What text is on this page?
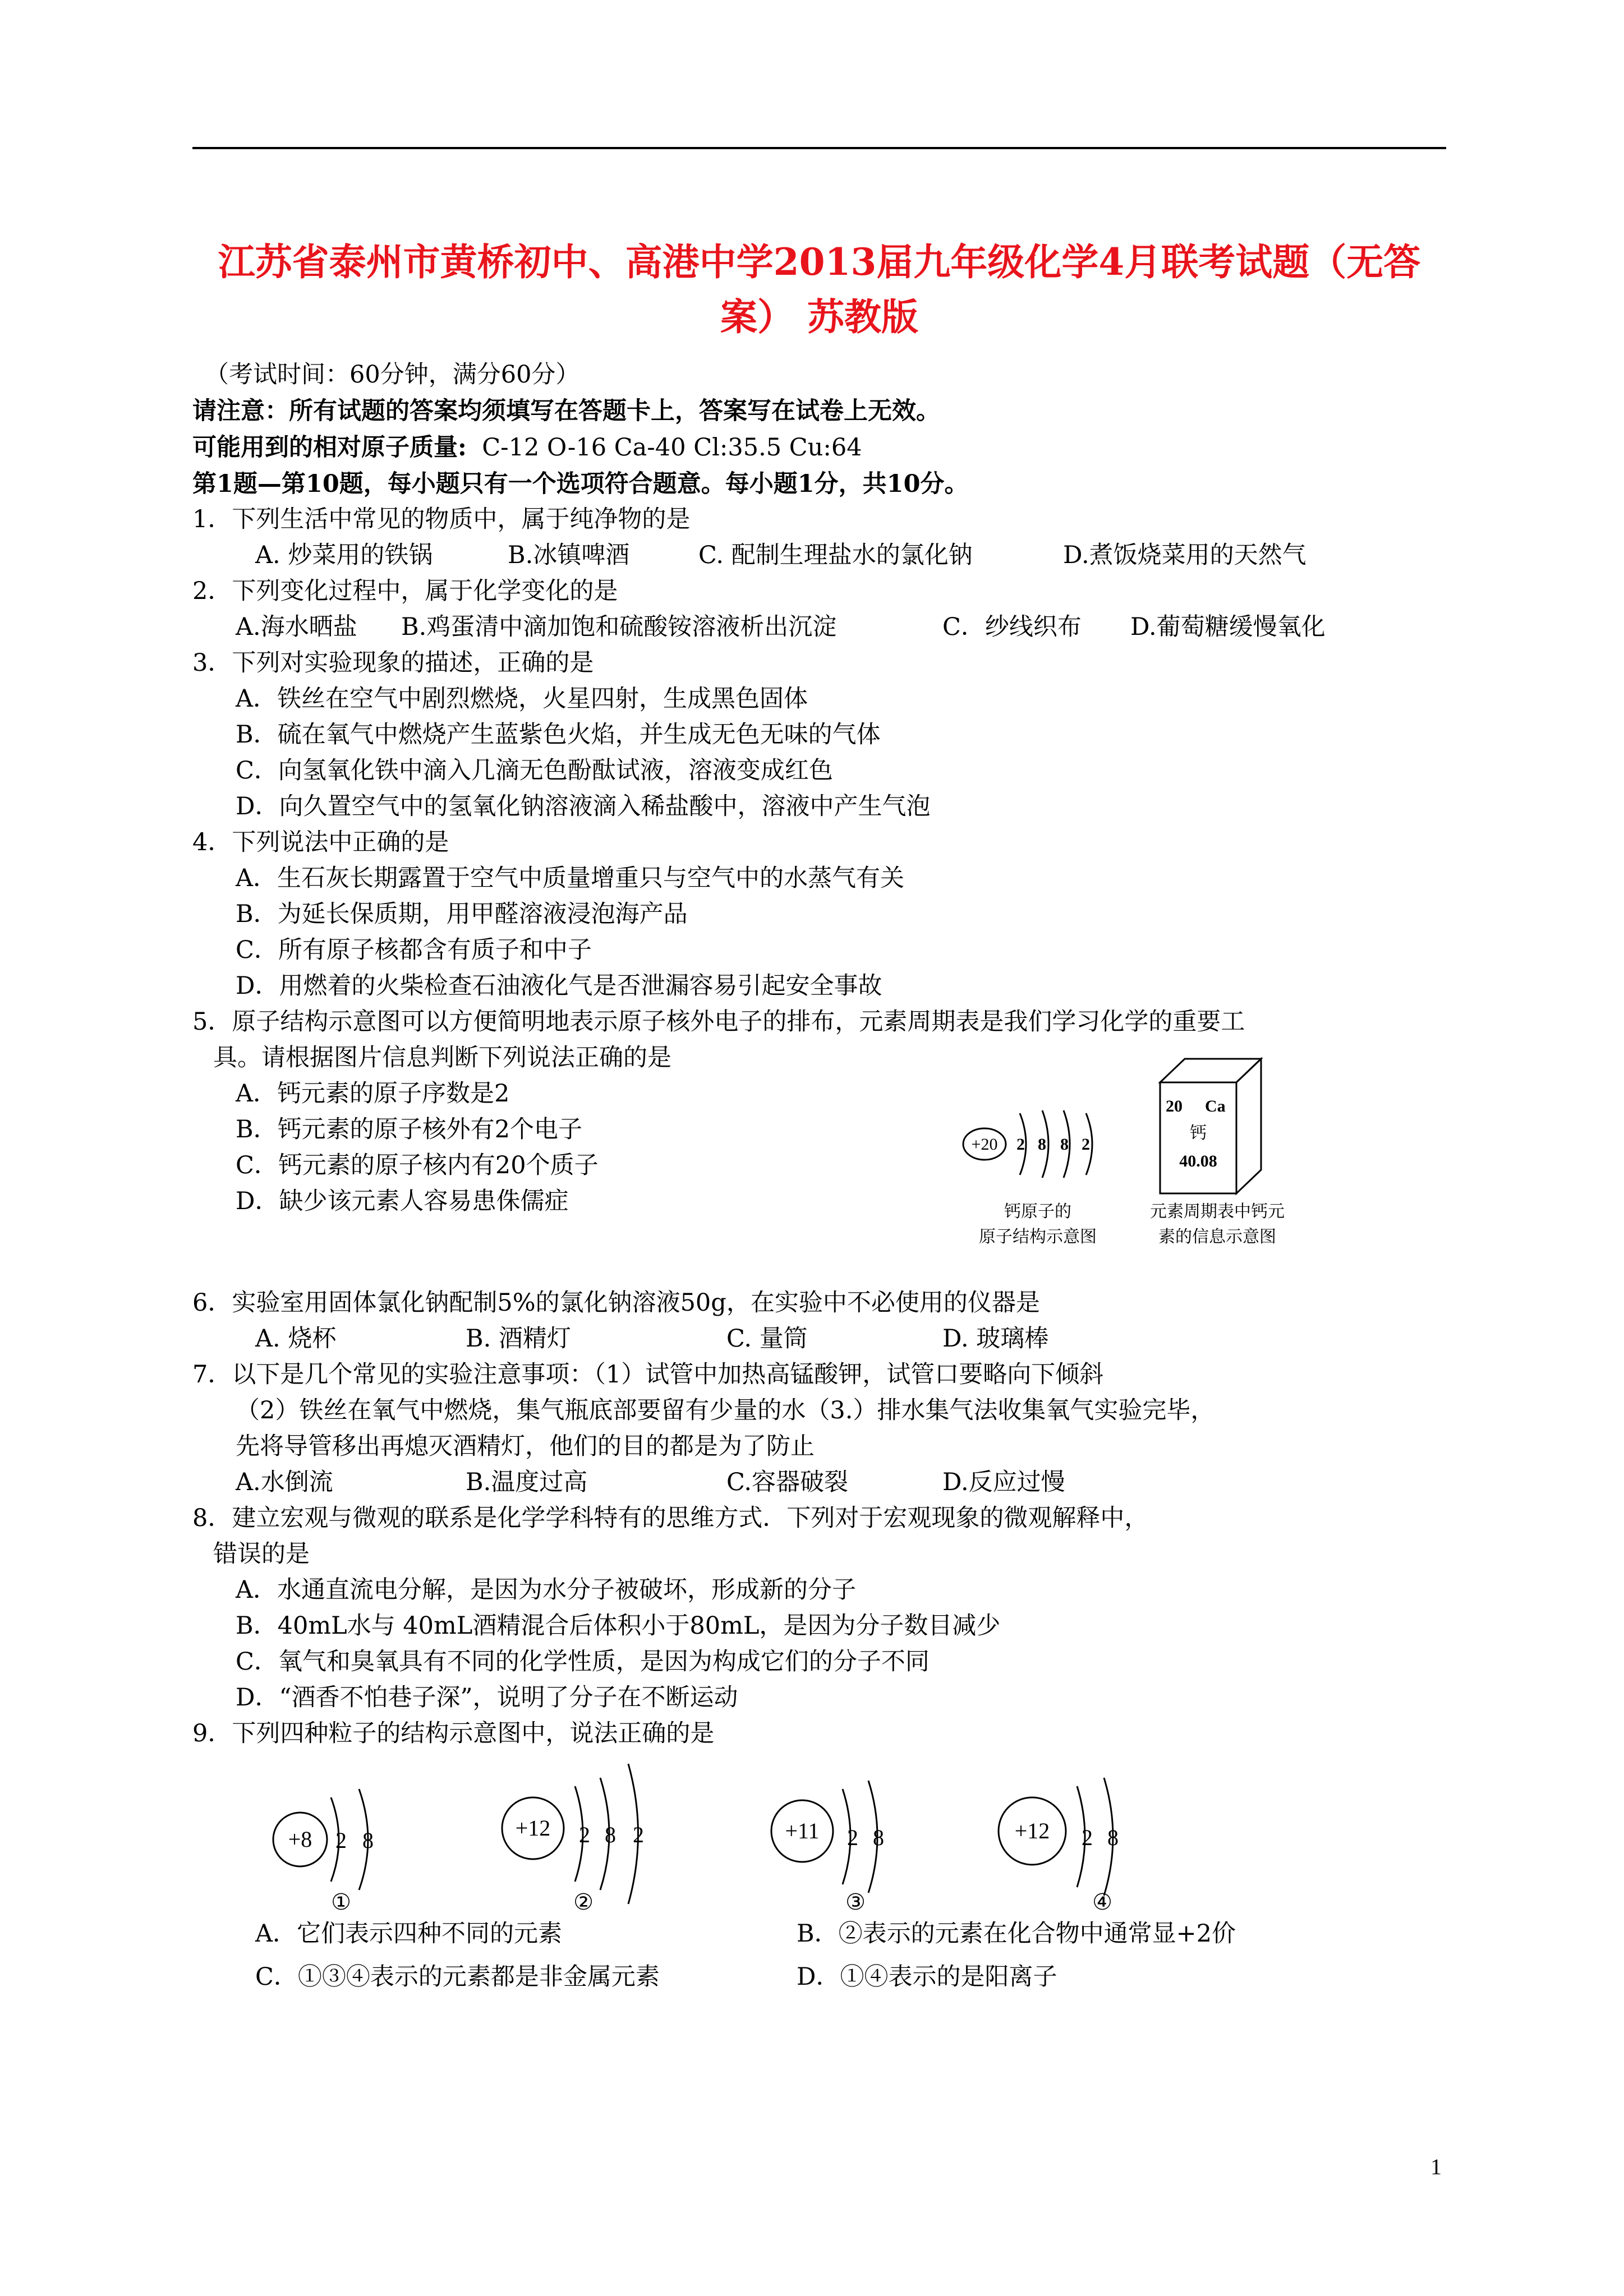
江苏省泰州市黄桥初中、高港中学2013届九年级化学4月联考试题（无答
案） 苏教版
（考试时间：60分钟，满分60分）
请注意：所有试题的答案均须填写在答题卡上，答案写在试卷上无效。
可能用到的相对原子质量: C-12 O-16 Ca-40 Cl:35.5 Cu:64
第1题—第10题，每小题只有一个选项符合题意。每小题1分，共10分。
1．下列生活中常见的物质中，属于纯净物的是
A. 炒菜用的铁锅	B.冰镇啤酒	C. 配制生理盐水的氯化钠	D.煮饭烧菜用的天然气
2．下列变化过程中，属于化学变化的是
A.海水晒盐 B.鸡蛋清中滴加饱和硫酸铵溶液析出沉淀	C．纱线织布 D.葡萄糖缓慢氧化
3．下列对实验现象的描述，正确的是
A．铁丝在空气中剧烈燃烧，火星四射，生成黑色固体
B．硫在氧气中燃烧产生蓝紫色火焰，并生成无色无味的气体
C．向氢氧化铁中滴入几滴无色酚酞试液，溶液变成红色
D．向久置空气中的氢氧化钠溶液滴入稀盐酸中，溶液中产生气泡
4．下列说法中正确的是
A．生石灰长期露置于空气中质量增重只与空气中的水蒸气有关
B．为延长保质期，用甲醛溶液浸泡海产品
C．所有原子核都含有质子和中子
D．用燃着的火柴检查石油液化气是否泄漏容易引起安全事故
5．原子结构示意图可以方便简明地表示原子核外电子的排布，元素周期表是我们学习化学的重要工
具。请根据图片信息判断下列说法正确的是
A．钙元素的原子序数是2
B．钙元素的原子核外有2个电子
C．钙元素的原子核内有20个质子
D．缺少该元素人容易患侏儒症
+20 2 8 8 2
钙原子的
原子结构示意图
20 Ca
钙
40.08
元素周期表中钙元
素的信息示意图
6．实验室用固体氯化钠配制5%的氯化钠溶液50g，在实验中不必使用的仪器是
A. 烧杯	B. 酒精灯	C. 量筒	D. 玻璃棒
7．以下是几个常见的实验注意事项：（1）试管中加热高锰酸钾，试管口要略向下倾斜
（2）铁丝在氧气中燃烧，集气瓶底部要留有少量的水（3.）排水集气法收集氧气实验完毕，
先将导管移出再熄灭酒精灯，他们的目的都是为了防止
A.水倒流	B.温度过高	C.容器破裂	D.反应过慢
8．建立宏观与微观的联系是化学学科特有的思维方式．下列对于宏观现象的微观解释中，
错误的是
A．水通直流电分解，是因为水分子被破坏，形成新的分子
B．40mL水与 40mL酒精混合后体积小于80mL，是因为分子数目减少
C．氧气和臭氧具有不同的化学性质，是因为构成它们的分子不同
D．“酒香不怕巷子深”，说明了分子在不断运动
9．下列四种粒子的结构示意图中，说法正确的是
+8 2 8
①
+12 2 8 2
②
+11 2 8
③
+12 2 8
④
A．它们表示四种不同的元素	B．②表示的元素在化合物中通常显+2价
C．①③④表示的元素都是非金属元素	D．①④表示的是阳离子
1
